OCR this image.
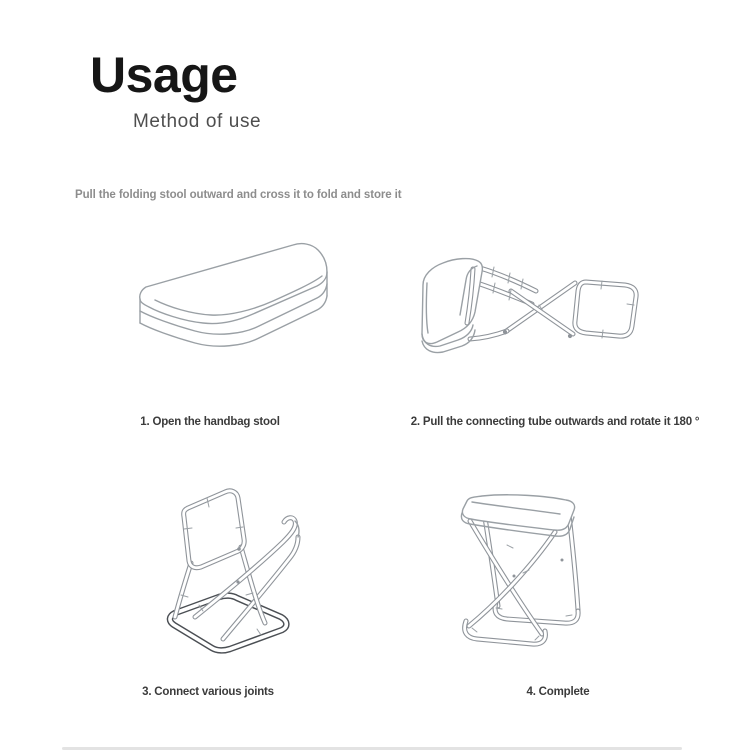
Usage
Method of use
Pull the folding stool outward and cross it to fold and store it
1. Open the handbag stool	2. Pull the connecting tube outwards and rotate it 180 °
3. Connect various joints	4. Complete
